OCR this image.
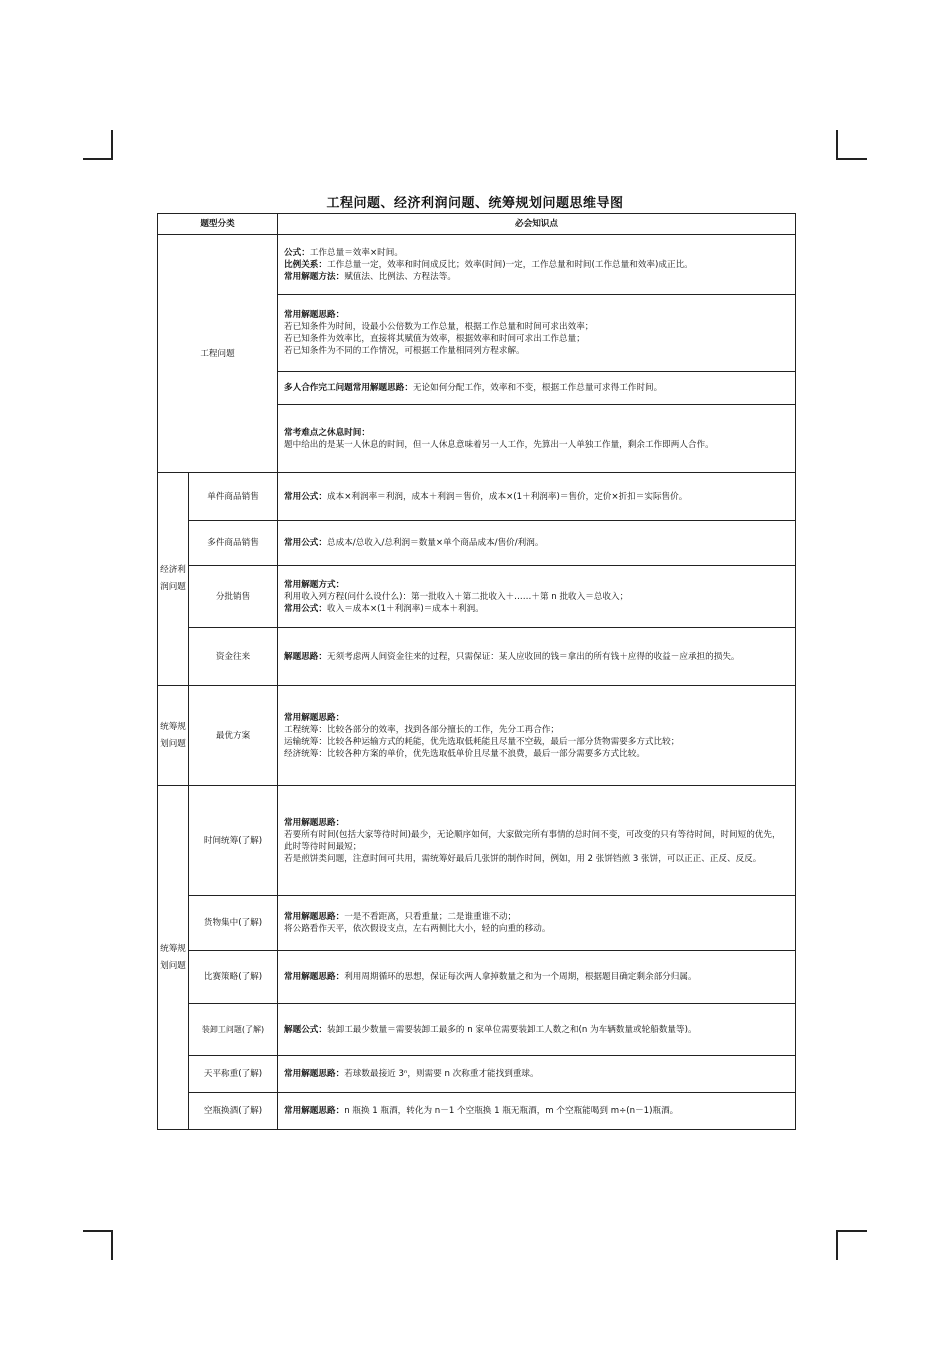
工程问题、经济利润问题、统筹规划问题思维导图
题型分类		必会知识点
工程问题		公式：工作总量＝效率×时间。
比例关系：工作总量一定，效率和时间成反比；效率(时间)一定，工作总量和时间(工作总量和效率)成正比。
常用解题方法：赋值法、比例法、方程法等。

		常用解题思路：
若已知条件为时间，设最小公倍数为工作总量，根据工作总量和时间可求出效率；
若已知条件为效率比，直接将其赋值为效率，根据效率和时间可求出工作总量；
若已知条件为不同的工作情况，可根据工作量相同列方程求解。

		多人合作完工问题常用解题思路：无论如何分配工作，效率和不变，根据工作总量可求得工作时间。

		常考难点之休息时间：
题中给出的是某一人休息的时间，但一人休息意味着另一人工作，先算出一人单独工作量，剩余工作即两人合作。

经济利润问题	单件商品销售	常用公式：成本×利润率＝利润，成本＋利润＝售价，成本×(1＋利润率)＝售价，定价×折扣＝实际售价。

	多件商品销售	常用公式：总成本/总收入/总利润＝数量×单个商品成本/售价/利润。

	分批销售	常用解题方式：
利用收入列方程(问什么设什么)：第一批收入＋第二批收入＋……＋第 n 批收入＝总收入；
常用公式：收入＝成本×(1＋利润率)＝成本＋利润。

	资金往来	解题思路：无须考虑两人间资金往来的过程，只需保证：某人应收回的钱＝拿出的所有钱＋应得的收益－应承担的损失。

统筹规划问题	最优方案	常用解题思路：
工程统筹：比较各部分的效率，找到各部分擅长的工作，先分工再合作；
运输统筹：比较各种运输方式的耗能，优先选取低耗能且尽量不空载，最后一部分货物需要多方式比较；
经济统筹：比较各种方案的单价，优先选取低单价且尽量不浪费，最后一部分需要多方式比较。

统筹规划问题	时间统筹(了解)	常用解题思路：
若要所有时间(包括大家等待时间)最少，无论顺序如何，大家做完所有事情的总时间不变，可改变的只有等待时间，时间短的优先，此时等待时间最短；
若是煎饼类问题，注意时间可共用，需统筹好最后几张饼的制作时间，例如，用 2 张饼铛煎 3 张饼，可以正正、正反、反反。

	货物集中(了解)	常用解题思路：一是不看距离，只看重量；二是谁重谁不动；
将公路看作天平，依次假设支点，左右两侧比大小，轻的向重的移动。

	比赛策略(了解)	常用解题思路：利用周期循环的思想，保证每次两人拿掉数量之和为一个周期，根据题目确定剩余部分归属。

	装卸工问题(了解)	解题公式：装卸工最少数量＝需要装卸工最多的 n 家单位需要装卸工人数之和(n 为车辆数量或轮船数量等)。

	天平称重(了解)	常用解题思路：若球数最接近 3ⁿ，则需要 n 次称重才能找到重球。

	空瓶换酒(了解)	常用解题思路：n 瓶换 1 瓶酒，转化为 n－1 个空瓶换 1 瓶无瓶酒，m 个空瓶能喝到 m÷(n－1)瓶酒。
